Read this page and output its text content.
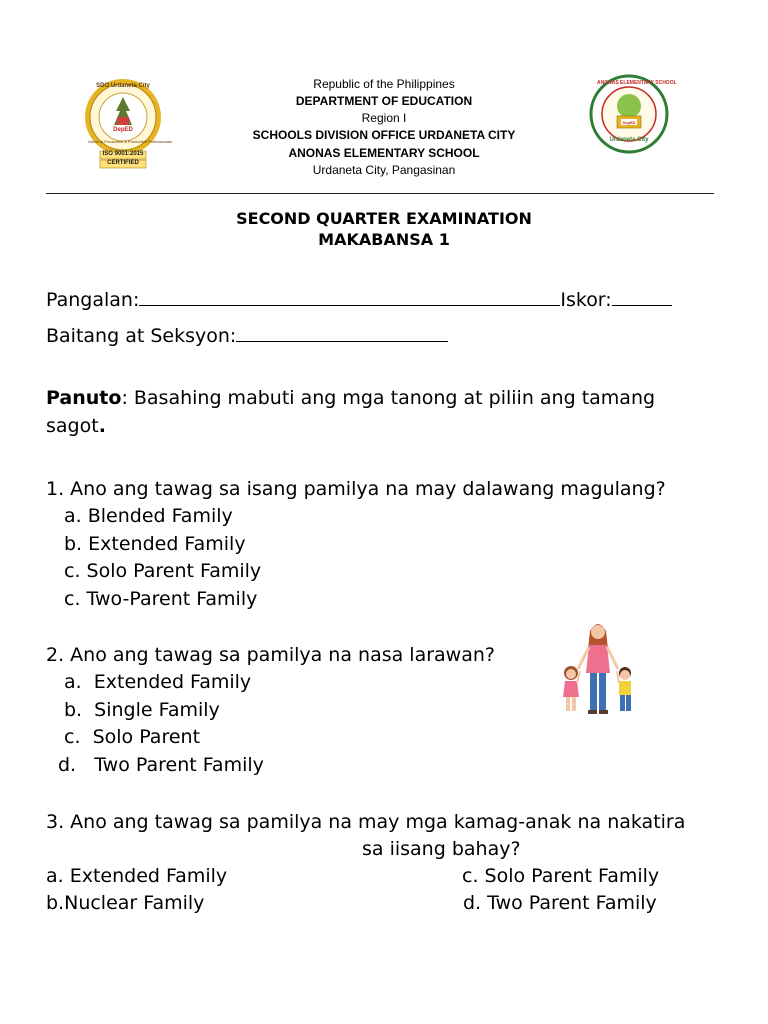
DepED
SDO Urdaneta City
Home of Productive & Productive Professionals
ISO 9001:2015
CERTIFIED
Republic of the Philippines
DEPARTMENT OF EDUCATION
Region I
SCHOOLS DIVISION OFFICE URDANETA CITY
ANONAS ELEMENTARY SCHOOL
Urdaneta City, Pangasinan
ANONAS ELEMENTARY SCHOOL
DepED
Urdaneta City
SECOND QUARTER EXAMINATION
MAKABANSA 1
Pangalan:	Iskor:
Baitang at Seksyon:
Panuto: Basahing mabuti ang mga tanong at piliin ang tamang
sagot.
1. Ano ang tawag sa isang pamilya na may dalawang magulang?
a. Blended Family
b. Extended Family
c. Solo Parent Family
c. Two-Parent Family
2. Ano ang tawag sa pamilya na nasa larawan?
a.  Extended Family
b.  Single Family
c.  Solo Parent
d.   Two Parent Family
3. Ano ang tawag sa pamilya na may mga kamag-anak na nakatira
sa iisang bahay?
a. Extended Family
b.Nuclear Family
c. Solo Parent Family
d. Two Parent Family
